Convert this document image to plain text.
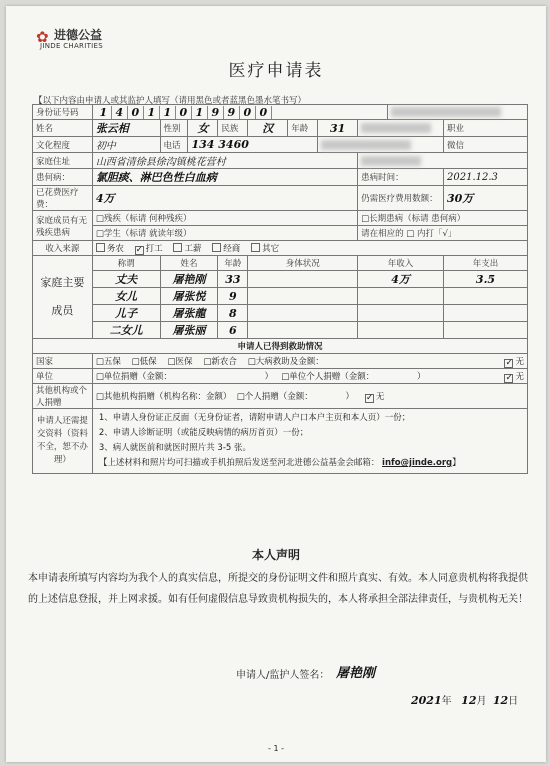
✿ 进德公益
JINDE CHARITIES
医疗申请表
【以下内容由申请人或其监护人填写（请用黑色或者蓝黑色墨水笔书写）
身份证号码	1 4 0 1 1 0 1 9 9 0 0									

姓名	张云相	性别	女	民族	汉	年龄	31			职业
文化程度	初中	电话	134 3460							微信
家庭住址	山西省清徐县徐沟镇桃花营村									

患何病：	氯胆痰、淋巴色性白血病							患病时间：		2021.12.3
已花费医疗费：	4万							仍需医疗费用数额：		30万
家庭成员有无残疾患病	□残疾（标请 何种残疾）							□长期患病（标请 患何病）		
	□学生（标请 就读年级）							请在相应的 □ 内打「√」		
收入来源	务农 ✓ 打工 工薪 经商 其它									
家庭主要成员	称谓	姓名		年龄	身体状况			年收入		年支出
	丈夫	屠艳刚		33				4万		3.5
	女儿	屠张悦		9						
	儿子	屠张龍		8						
	二女儿	屠张丽		6						
申请人已得到救助情况										
国家	□五保 □低保 □医保 □新农合 □大病救助及金额： ✓ 无									

单位	□单位捐赠（金额： ） □单位个人捐赠（金额： ） ✓ 无									

其他机构或个人捐赠	□其他机构捐赠（机构名称：金额） □个人捐赠（金额： ） ✓ 无									
申请人还需提交资料（资料不全，恕不办理）	1、申请人身份证正反面（无身份证者，请附申请人户口本户主页和本人页）一份；
2、申请人诊断证明（或能反映病情的病历首页）一份；
3、病人就医前和就医时照片共 3-5 张。
【上述材料和照片均可扫描或手机拍照后发送至河北进德公益基金会邮箱： info@jinde.org】									
本人声明
本申请表所填写内容均为我个人的真实信息，所提交的身份证明文件和照片真实、有效。本人同意贵机构将我提供的上述信息登报，并上网求援。如有任何虚假信息导致贵机构损失的，本人将承担全部法律责任，与贵机构无关！
申请人/监护人签名： 屠艳刚
2021年 12月 12日
- 1 -
